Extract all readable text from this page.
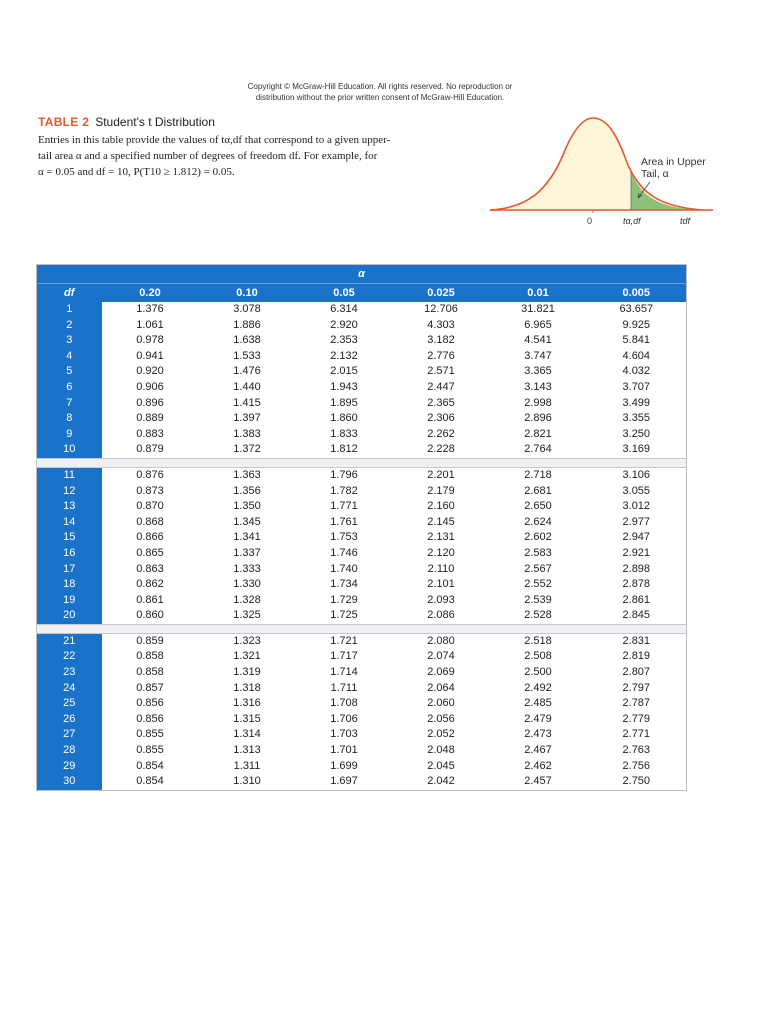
Copyright © McGraw-Hill Education. All rights reserved. No reproduction or
distribution without the prior written consent of McGraw-Hill Education.
TABLE 2 Student's t Distribution
Entries in this table provide the values of tα,df that correspond to a given upper-
tail area α and a specified number of degrees of freedom df. For example, for
α = 0.05 and df = 10, P(T10 ≥ 1.812) = 0.05.
Area in Upper
Tail, α
0	tα,df	tdf
α						
df	0.20	0.10	0.05	0.025	0.01	0.005
1	1.376	3.078	6.314	12.706	31.821	63.657
2	1.061	1.886	2.920	4.303	6.965	9.925
3	0.978	1.638	2.353	3.182	4.541	5.841
4	0.941	1.533	2.132	2.776	3.747	4.604
5	0.920	1.476	2.015	2.571	3.365	4.032
6	0.906	1.440	1.943	2.447	3.143	3.707
7	0.896	1.415	1.895	2.365	2.998	3.499
8	0.889	1.397	1.860	2.306	2.896	3.355
9	0.883	1.383	1.833	2.262	2.821	3.250
10	0.879	1.372	1.812	2.228	2.764	3.169

11	0.876	1.363	1.796	2.201	2.718	3.106
12	0.873	1.356	1.782	2.179	2.681	3.055
13	0.870	1.350	1.771	2.160	2.650	3.012
14	0.868	1.345	1.761	2.145	2.624	2.977
15	0.866	1.341	1.753	2.131	2.602	2.947
16	0.865	1.337	1.746	2.120	2.583	2.921
17	0.863	1.333	1.740	2.110	2.567	2.898
18	0.862	1.330	1.734	2.101	2.552	2.878
19	0.861	1.328	1.729	2.093	2.539	2.861
20	0.860	1.325	1.725	2.086	2.528	2.845

21	0.859	1.323	1.721	2.080	2.518	2.831
22	0.858	1.321	1.717	2.074	2.508	2.819
23	0.858	1.319	1.714	2.069	2.500	2.807
24	0.857	1.318	1.711	2.064	2.492	2.797
25	0.856	1.316	1.708	2.060	2.485	2.787
26	0.856	1.315	1.706	2.056	2.479	2.779
27	0.855	1.314	1.703	2.052	2.473	2.771
28	0.855	1.313	1.701	2.048	2.467	2.763
29	0.854	1.311	1.699	2.045	2.462	2.756
30	0.854	1.310	1.697	2.042	2.457	2.750
